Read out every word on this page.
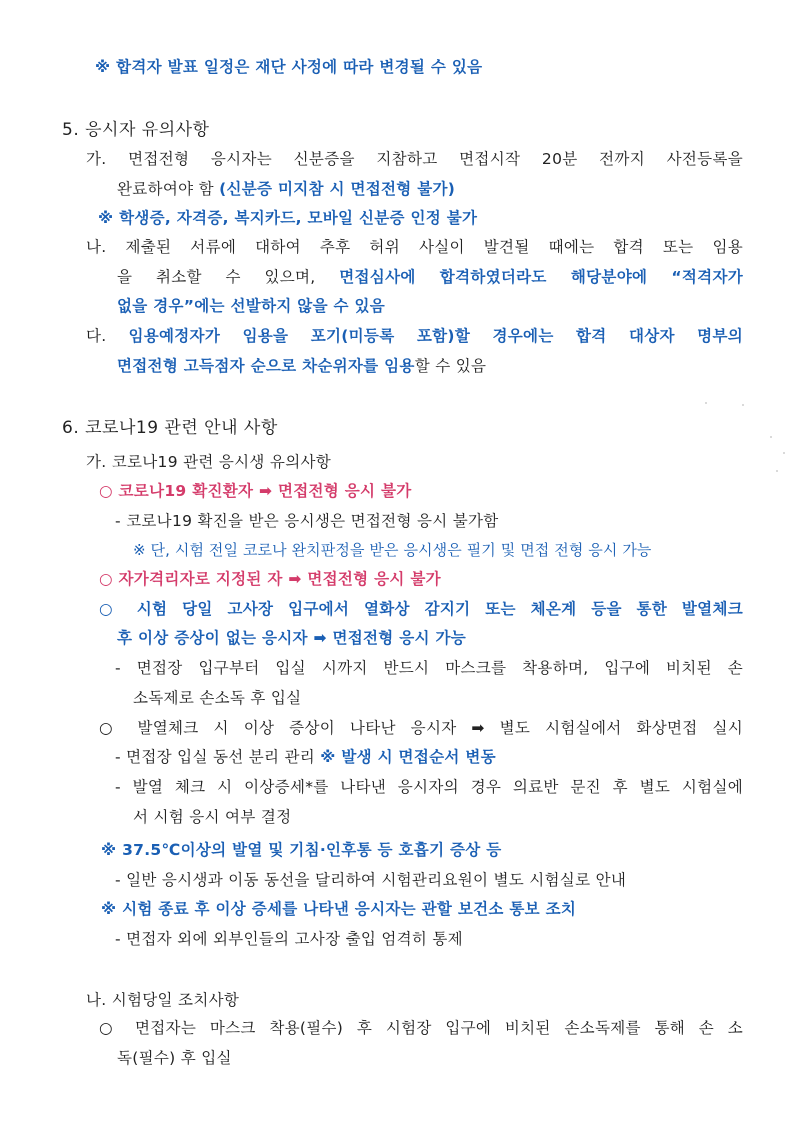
※ 합격자 발표 일정은 재단 사정에 따라 변경될 수 있음
5. 응시자 유의사항
가. 면접전형 응시자는 신분증을 지참하고 면접시작 20분 전까지 사전등록을
완료하여야 함 (신분증 미지참 시 면접전형 불가)
※ 학생증, 자격증, 복지카드, 모바일 신분증 인정 불가
나. 제출된 서류에 대하여 추후 허위 사실이 발견될 때에는 합격 또는 임용
을 취소할 수 있으며, 면접심사에 합격하였더라도 해당분야에 “적격자가
없을 경우”에는 선발하지 않을 수 있음
다. 임용예정자가 임용을 포기(미등록 포함)할 경우에는 합격 대상자 명부의
면접전형 고득점자 순으로 차순위자를 임용할 수 있음
6. 코로나19 관련 안내 사항
가. 코로나19 관련 응시생 유의사항
○ 코로나19 확진환자 ➡ 면접전형 응시 불가
- 코로나19 확진을 받은 응시생은 면접전형 응시 불가함
※ 단, 시험 전일 코로나 완치판정을 받은 응시생은 필기 및 면접 전형 응시 가능
○ 자가격리자로 지정된 자 ➡ 면접전형 응시 불가
○ 시험 당일 고사장 입구에서 열화상 감지기 또는 체온계 등을 통한 발열체크
후 이상 증상이 없는 응시자 ➡ 면접전형 응시 가능
- 면접장 입구부터 입실 시까지 반드시 마스크를 착용하며, 입구에 비치된 손
소독제로 손소독 후 입실
○ 발열체크 시 이상 증상이 나타난 응시자 ➡ 별도 시험실에서 화상면접 실시
- 면접장 입실 동선 분리 관리 ※ 발생 시 면접순서 변동
- 발열 체크 시 이상증세*를 나타낸 응시자의 경우 의료반 문진 후 별도 시험실에
서 시험 응시 여부 결정
※ 37.5℃이상의 발열 및 기침·인후통 등 호흡기 증상 등
- 일반 응시생과 이동 동선을 달리하여 시험관리요원이 별도 시험실로 안내
※ 시험 종료 후 이상 증세를 나타낸 응시자는 관할 보건소 통보 조치
- 면접자 외에 외부인들의 고사장 출입 엄격히 통제
나. 시험당일 조치사항
○ 면접자는 마스크 착용(필수) 후 시험장 입구에 비치된 손소독제를 통해 손 소
독(필수) 후 입실
